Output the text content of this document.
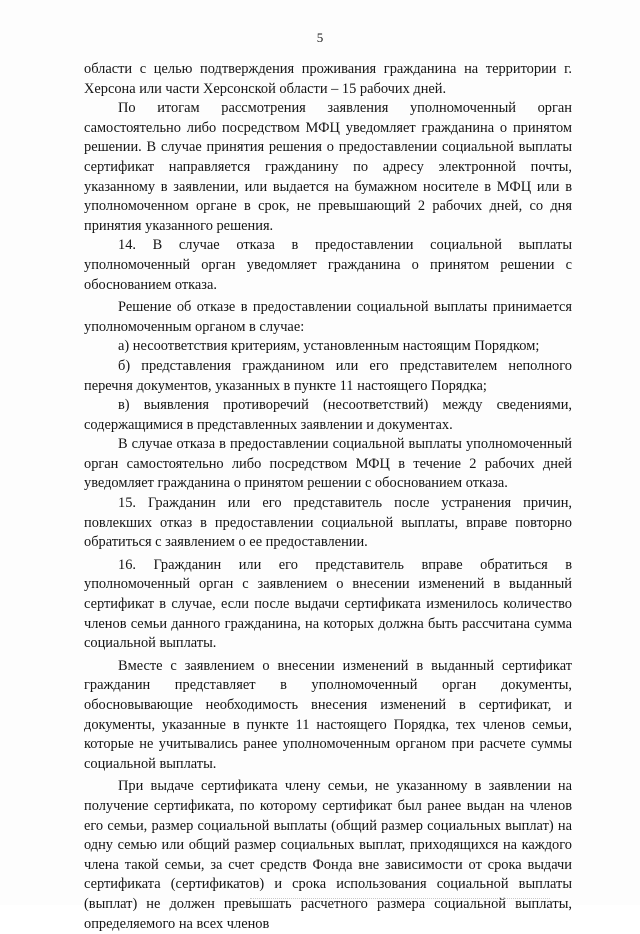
5

области с целью подтверждения проживания гражданина на территории г. Херсона или части Херсонской области – 15 рабочих дней.

По итогам рассмотрения заявления уполномоченный орган самостоятельно либо посредством МФЦ уведомляет гражданина о принятом решении. В случае принятия решения о предоставлении социальной выплаты сертификат направляется гражданину по адресу электронной почты, указанному в заявлении, или выдается на бумажном носителе в МФЦ или в уполномоченном органе в срок, не превышающий 2 рабочих дней, со дня принятия указанного решения.

14. В случае отказа в предоставлении социальной выплаты уполномоченный орган уведомляет гражданина о принятом решении с обоснованием отказа.

Решение об отказе в предоставлении социальной выплаты принимается уполномоченным органом в случае:

а) несоответствия критериям, установленным настоящим Порядком;

б) представления гражданином или его представителем неполного перечня документов, указанных в пункте 11 настоящего Порядка;

в) выявления противоречий (несоответствий) между сведениями, содержащимися в представленных заявлении и документах.

В случае отказа в предоставлении социальной выплаты уполномоченный орган самостоятельно либо посредством МФЦ в течение 2 рабочих дней уведомляет гражданина о принятом решении с обоснованием отказа.

15. Гражданин или его представитель после устранения причин, повлекших отказ в предоставлении социальной выплаты, вправе повторно обратиться с заявлением о ее предоставлении.

16. Гражданин или его представитель вправе обратиться в уполномоченный орган с заявлением о внесении изменений в выданный сертификат в случае, если после выдачи сертификата изменилось количество членов семьи данного гражданина, на которых должна быть рассчитана сумма социальной выплаты.

Вместе с заявлением о внесении изменений в выданный сертификат гражданин представляет в уполномоченный орган документы, обосновывающие необходимость внесения изменений в сертификат, и документы, указанные в пункте 11 настоящего Порядка, тех членов семьи, которые не учитывались ранее уполномоченным органом при расчете суммы социальной выплаты.

При выдаче сертификата члену семьи, не указанному в заявлении на получение сертификата, по которому сертификат был ранее выдан на членов его семьи, размер социальной выплаты (общий размер социальных выплат) на одну семью или общий размер социальных выплат, приходящихся на каждого члена такой семьи, за счет средств Фонда вне зависимости от срока выдачи сертификата (сертификатов) и срока использования социальной выплаты (выплат) не должен превышать расчетного размера социальной выплаты, определяемого на всех членов
